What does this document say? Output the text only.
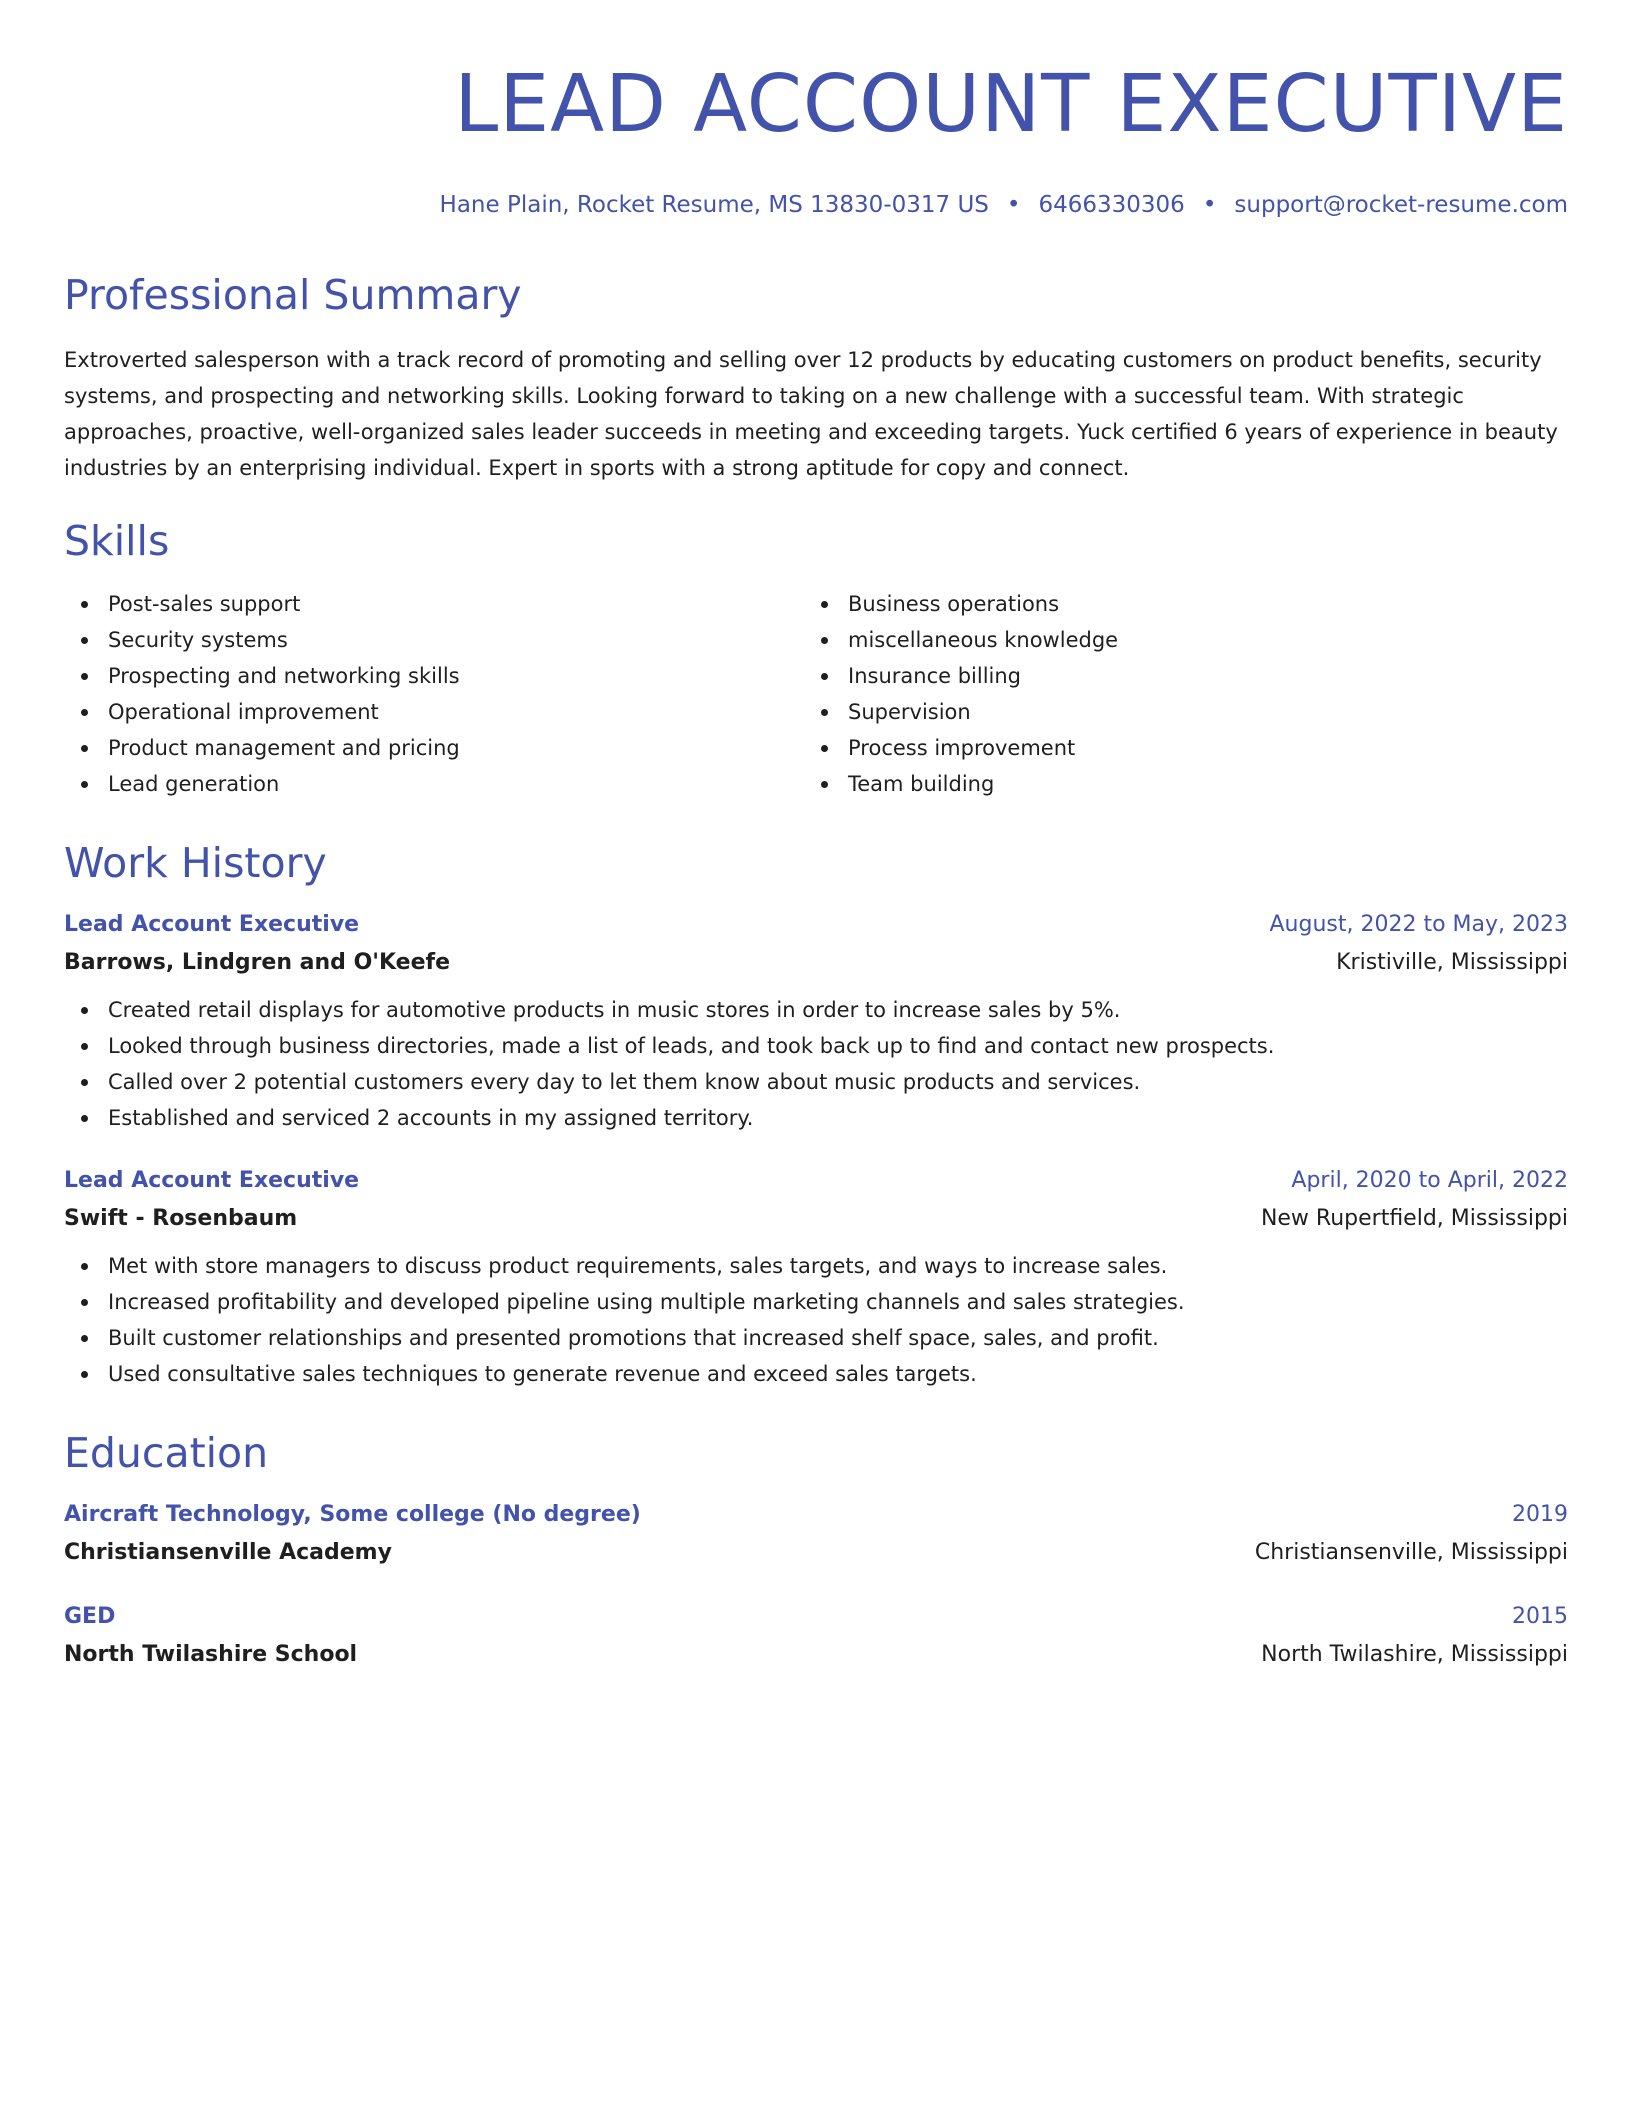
LEAD ACCOUNT EXECUTIVE
Hane Plain, Rocket Resume, MS 13830-0317 US • 6466330306 • support@rocket-resume.com
Professional Summary

Extroverted salesperson with a track record of promoting and selling over 12 products by educating customers on product benefits, security systems, and prospecting and networking skills. Looking forward to taking on a new challenge with a successful team. With strategic approaches, proactive, well-organized sales leader succeeds in meeting and exceeding targets. Yuck certified 6 years of experience in beauty industries by an enterprising individual. Expert in sports with a strong aptitude for copy and connect.

Skills
Post-sales support
Security systems
Prospecting and networking skills
Operational improvement
Product management and pricing
Lead generation
Business operations
miscellaneous knowledge
Insurance billing
Supervision
Process improvement
Team building
Work History
Lead Account Executive	August, 2022 to May, 2023
Barrows, Lindgren and O'Keefe	Kristiville, Mississippi
Created retail displays for automotive products in music stores in order to increase sales by 5%.
Looked through business directories, made a list of leads, and took back up to find and contact new prospects.
Called over 2 potential customers every day to let them know about music products and services.
Established and serviced 2 accounts in my assigned territory.
Lead Account Executive	April, 2020 to April, 2022
Swift - Rosenbaum	New Rupertfield, Mississippi
Met with store managers to discuss product requirements, sales targets, and ways to increase sales.
Increased profitability and developed pipeline using multiple marketing channels and sales strategies.
Built customer relationships and presented promotions that increased shelf space, sales, and profit.
Used consultative sales techniques to generate revenue and exceed sales targets.
Education
Aircraft Technology, Some college (No degree)	2019
Christiansenville Academy	Christiansenville, Mississippi
GED	2015
North Twilashire School	North Twilashire, Mississippi
